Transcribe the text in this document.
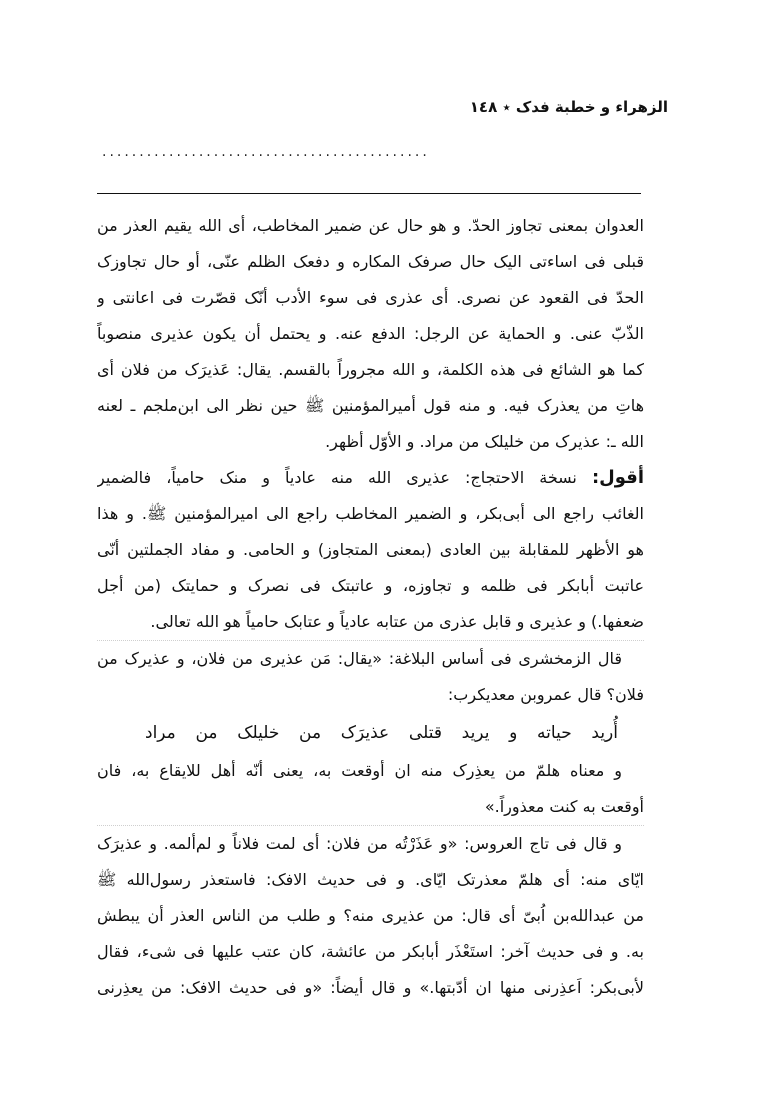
الزهراء و خطبة فدک ٭ ١٤٨
............................................
العدوان بمعنى تجاوز الحدّ. و هو حال عن ضمير المخاطب، أى الله يقيم العذر من
قبلى فى اساءتى اليک حال صرفک المکاره و دفعک الظلم عنّى، أو حال تجاوزک
الحدّ فى القعود عن نصرى. أى عذرى فى سوء الأدب أنّک قصّرت فى اعانتى و
الذّبّ عنى. و الحماية عن الرجل: الدفع عنه. و يحتمل أن يکون عذيرى منصوباً
کما هو الشائع فى هذه الکلمة، و الله مجروراً بالقسم. يقال: عَذيرَک من فلان أى
هاتِ من يعذرک فيه. و منه قول أميرالمؤمنين ﷺ حين نظر الى ابن‌ملجم ـ لعنه
الله ـ: عذيرک من خليلک من مراد. و الأوّل أظهر.
أقول: نسخة الاحتجاج: عذيرى الله منه عادياً و منک حامياً، فالضمير
الغائب راجع الى أبى‌بکر، و الضمير المخاطب راجع الى اميرالمؤمنين ﷺ. و هذا
هو الأظهر للمقابلة بين العادى (بمعنى المتجاوز) و الحامى. و مفاد الجملتين أنّى
عاتبت أبابکر فى ظلمه و تجاوزه، و عاتبتک فى نصرک و حمايتک (من أجل
ضعفها.) و عذيرى و قابل عذرى من عتابه عادياً و عتابک حامياً هو الله تعالى.
قال الزمخشرى فى أساس البلاغة: «يقال: مَن عذيرى من فلان، و عذيرک من
فلان؟ قال عمروبن معديکرب:
أُريد حياته و يريد قتلى عذيرَک من خليلک من مراد
و معناه هلمّ من يعذِرک منه ان أوقعت به، يعنى أنّه أهل للايقاع به، فان
أوقعت به کنت معذوراً.»
و قال فى تاج العروس: «و عَذَرْتُه من فلان: أى لمت فلاناً و لم‌ألمه. و عذيرَک
ايّاى منه: أى هلمّ معذرتک ايّاى. و فى حديث الافک: فاستعذر رسول‌الله ﷺ
من عبدالله‌بن اُبىّ أى قال: من عذيرى منه؟ و طلب من الناس العذر أن يبطش
به. و فى حديث آخر: استَعْذَر أبابکر من عائشة، کان عتب عليها فى شىء، فقال
لأبى‌بکر: اَعذِرنى منها ان أدّبتها.» و قال أيضاً: «و فى حديث الافک: من يعذِرنى
